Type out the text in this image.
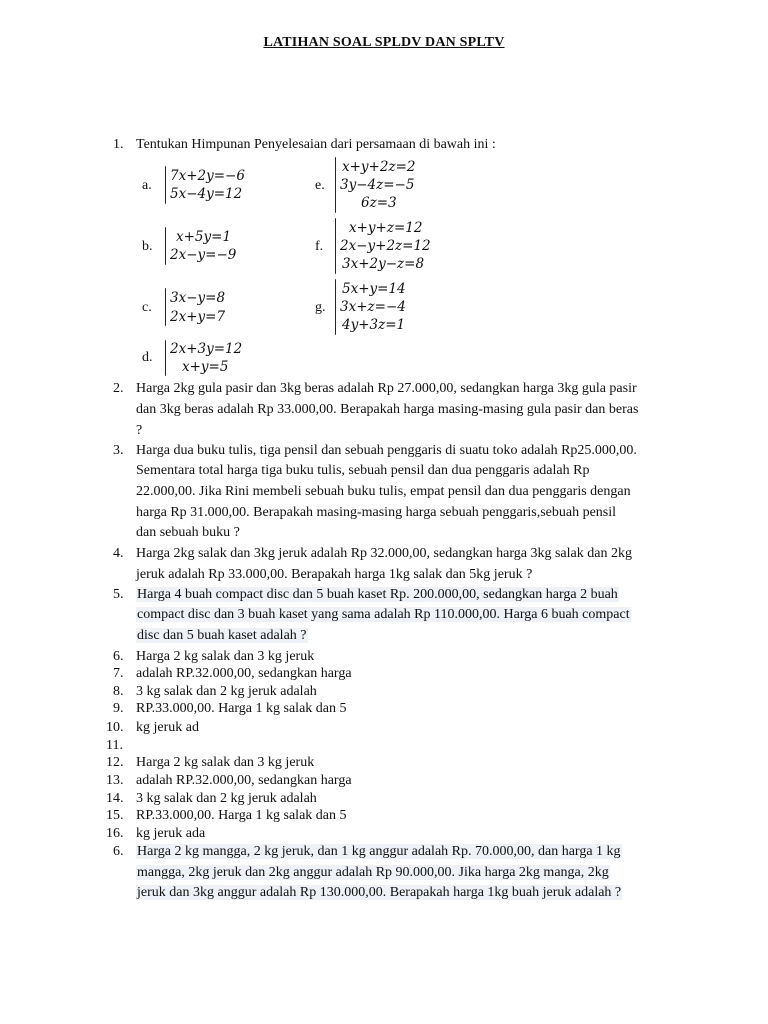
LATIHAN SOAL SPLDV DAN SPLTV
1. Tentukan Himpunan Penyelesaian dari persamaan di bawah ini :
a.
7x+2y=−6
5x−4y=12
b.
x+5y=1
2x−y=−9
c.
3x−y=8
2x+y=7
d.
2x+3y=12
x+y=5
e.
x+y+2z=2
3y−4z=−5
6z=3
f.
x+y+z=12
2x−y+2z=12
3x+2y−z=8
g.
5x+y=14
3x+z=−4
4y+3z=1
2. Harga 2kg gula pasir dan 3kg beras adalah Rp 27.000,00, sedangkan harga 3kg gula pasir
dan 3kg beras adalah Rp 33.000,00. Berapakah harga masing-masing gula pasir dan beras
?
3. Harga dua buku tulis, tiga pensil dan sebuah penggaris di suatu toko adalah Rp25.000,00.
Sementara total harga tiga buku tulis, sebuah pensil dan dua penggaris adalah Rp
22.000,00. Jika Rini membeli sebuah buku tulis, empat pensil dan dua penggaris dengan
harga Rp 31.000,00. Berapakah masing-masing harga sebuah penggaris,sebuah pensil
dan sebuah buku ?
4. Harga 2kg salak dan 3kg jeruk adalah Rp 32.000,00, sedangkan harga 3kg salak dan 2kg
jeruk adalah Rp 33.000,00. Berapakah harga 1kg salak dan 5kg jeruk ?
5. Harga 4 buah compact disc dan 5 buah kaset Rp. 200.000,00, sedangkan harga 2 buah
compact disc dan 3 buah kaset yang sama adalah Rp 110.000,00. Harga 6 buah compact
disc dan 5 buah kaset adalah ?
6. Harga 2 kg salak dan 3 kg jeruk
7. adalah RP.32.000,00, sedangkan harga
8. 3 kg salak dan 2 kg jeruk adalah
9. RP.33.000,00. Harga 1 kg salak dan 5
10. kg jeruk ad
11.
12. Harga 2 kg salak dan 3 kg jeruk
13. adalah RP.32.000,00, sedangkan harga
14. 3 kg salak dan 2 kg jeruk adalah
15. RP.33.000,00. Harga 1 kg salak dan 5
16. kg jeruk ada
6. Harga 2 kg mangga, 2 kg jeruk, dan 1 kg anggur adalah Rp. 70.000,00, dan harga 1 kg
mangga, 2kg jeruk dan 2kg anggur adalah Rp 90.000,00. Jika harga 2kg manga, 2kg
jeruk dan 3kg anggur adalah Rp 130.000,00. Berapakah harga 1kg buah jeruk adalah ?
